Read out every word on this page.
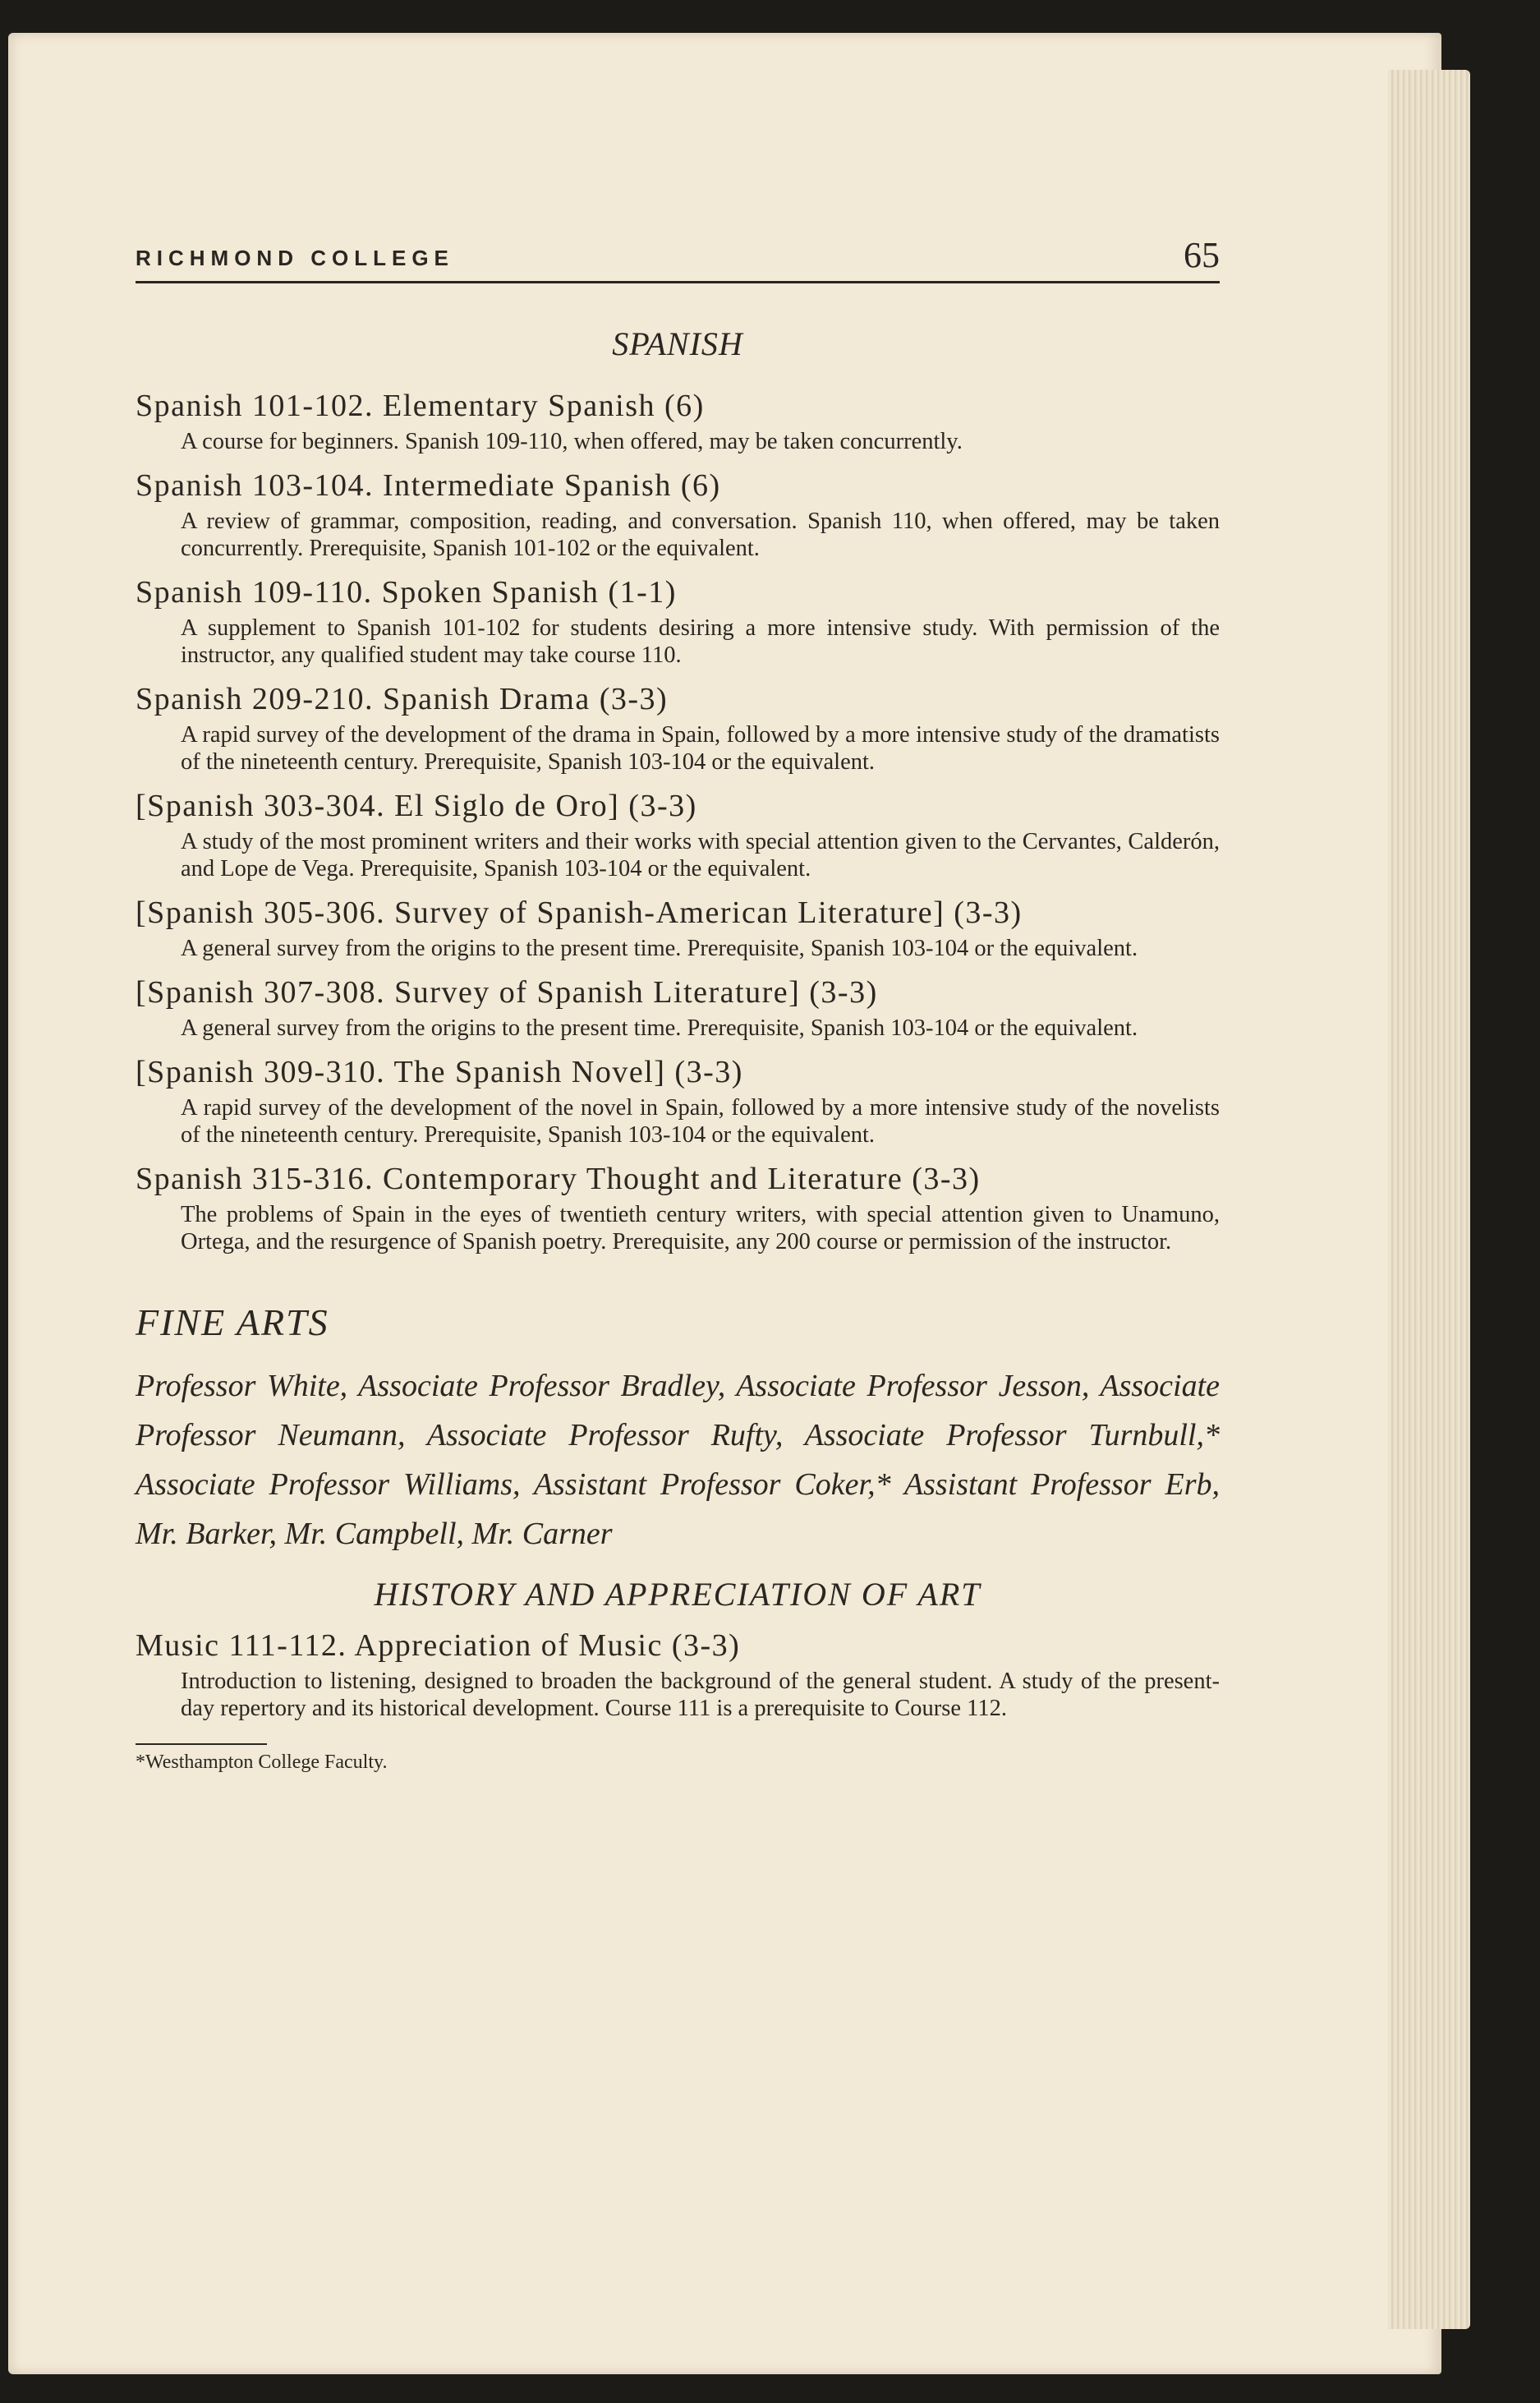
RICHMOND COLLEGE	65
SPANISH

Spanish 101-102. Elementary Spanish (6)

A course for beginners. Spanish 109-110, when offered, may be taken concurrently.

Spanish 103-104. Intermediate Spanish (6)

A review of grammar, composition, reading, and conversation. Spanish 110, when offered, may be taken concurrently. Prerequisite, Spanish 101-102 or the equivalent.

Spanish 109-110. Spoken Spanish (1-1)

A supplement to Spanish 101-102 for students desiring a more intensive study. With permission of the instructor, any qualified student may take course 110.

Spanish 209-210. Spanish Drama (3-3)

A rapid survey of the development of the drama in Spain, followed by a more intensive study of the dramatists of the nineteenth century. Prerequisite, Spanish 103-104 or the equivalent.

[Spanish 303-304. El Siglo de Oro] (3-3)

A study of the most prominent writers and their works with special attention given to the Cervantes, Calderón, and Lope de Vega. Prerequisite, Spanish 103-104 or the equivalent.

[Spanish 305-306. Survey of Spanish-American Literature] (3-3)

A general survey from the origins to the present time. Prerequisite, Spanish 103-104 or the equivalent.

[Spanish 307-308. Survey of Spanish Literature] (3-3)

A general survey from the origins to the present time. Prerequisite, Spanish 103-104 or the equivalent.

[Spanish 309-310. The Spanish Novel] (3-3)

A rapid survey of the development of the novel in Spain, followed by a more intensive study of the novelists of the nineteenth century. Prerequisite, Spanish 103-104 or the equivalent.

Spanish 315-316. Contemporary Thought and Literature (3-3)

The problems of Spain in the eyes of twentieth century writers, with special attention given to Unamuno, Ortega, and the resurgence of Spanish poetry. Prerequisite, any 200 course or permission of the instructor.

FINE ARTS

Professor White, Associate Professor Bradley, Associate Professor Jesson, Associate Professor Neumann, Associate Professor Rufty, Associate Professor Turnbull,* Associate Professor Williams, Assistant Professor Coker,* Assistant Professor Erb, Mr. Barker, Mr. Campbell, Mr. Carner

HISTORY AND APPRECIATION OF ART

Music 111-112. Appreciation of Music (3-3)

Introduction to listening, designed to broaden the background of the general student. A study of the present-day repertory and its historical development. Course 111 is a prerequisite to Course 112.

*Westhampton College Faculty.
